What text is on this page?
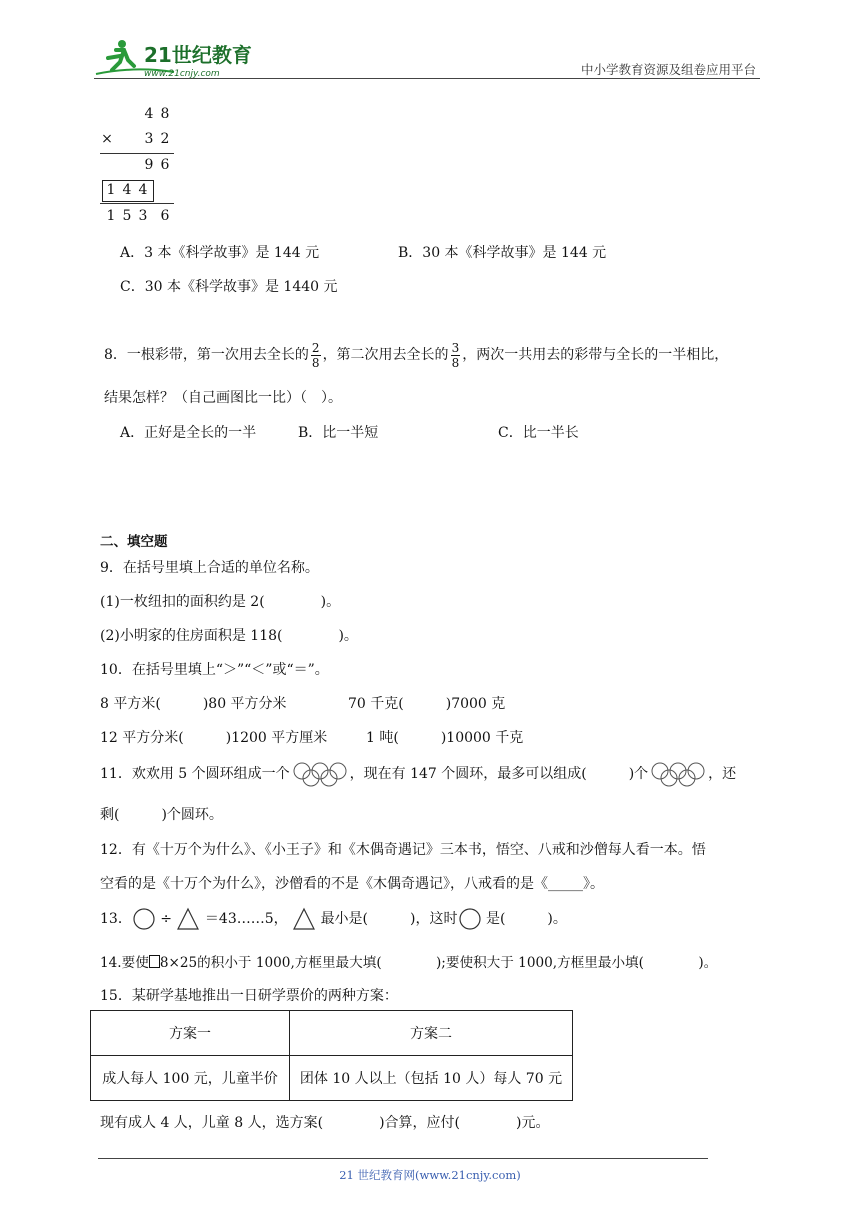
21世纪教育
www.21cnjy.com	中小学教育资源及组卷应用平台
4 8
× 3 2
9 6
1 4 4
1 5 3 6
A．3 本《科学故事》是 144 元	B．30 本《科学故事》是 144 元
C．30 本《科学故事》是 1440 元
8．一根彩带，第一次用去全长的 $\frac{2}{8}$ ，第二次用去全长的 $\frac{3}{8}$ ，两次一共用去的彩带与全长的一半相比，
结果怎样？（自己画图比一比）（　）。
A．正好是全长的一半	B．比一半短	C．比一半长
二、填空题
9．在括号里填上合适的单位名称。
(1)一枚纽扣的面积约是 2(　　　　)。
(2)小明家的住房面积是 118(　　　　)。
10．在括号里填上“＞”“＜”或“＝”。
8 平方米(　　　)80 平方分米	70 千克(　　　)7000 克
12 平方分米(　　　)1200 平方厘米	1 吨(　　　)10000 千克
11．欢欢用 5 个圆环组成一个	，现在有 147 个圆环，最多可以组成(　　　)个	，还
剩(　　　)个圆环。
12．有《十万个为什么》、《小王子》和《木偶奇遇记》三本书，悟空、八戒和沙僧每人看一本。悟
空看的是《十万个为什么》，沙僧看的不是《木偶奇遇记》，八戒看的是《_____》。
13． ÷ ＝43……5， 最小是(　　　)，这时 是(　　　)。
14.要使 8×25的积小于 1000,方框里最大填(　　　　);要使积大于 1000,方框里最小填(　　　　)。
15．某研学基地推出一日研学票价的两种方案：
方案一	方案二
成人每人 100 元，儿童半价	团体 10 人以上（包括 10 人）每人 70 元
现有成人 4 人，儿童 8 人，选方案(　　　　)合算，应付(　　　　)元。
21 世纪教育网(www.21cnjy.com)
